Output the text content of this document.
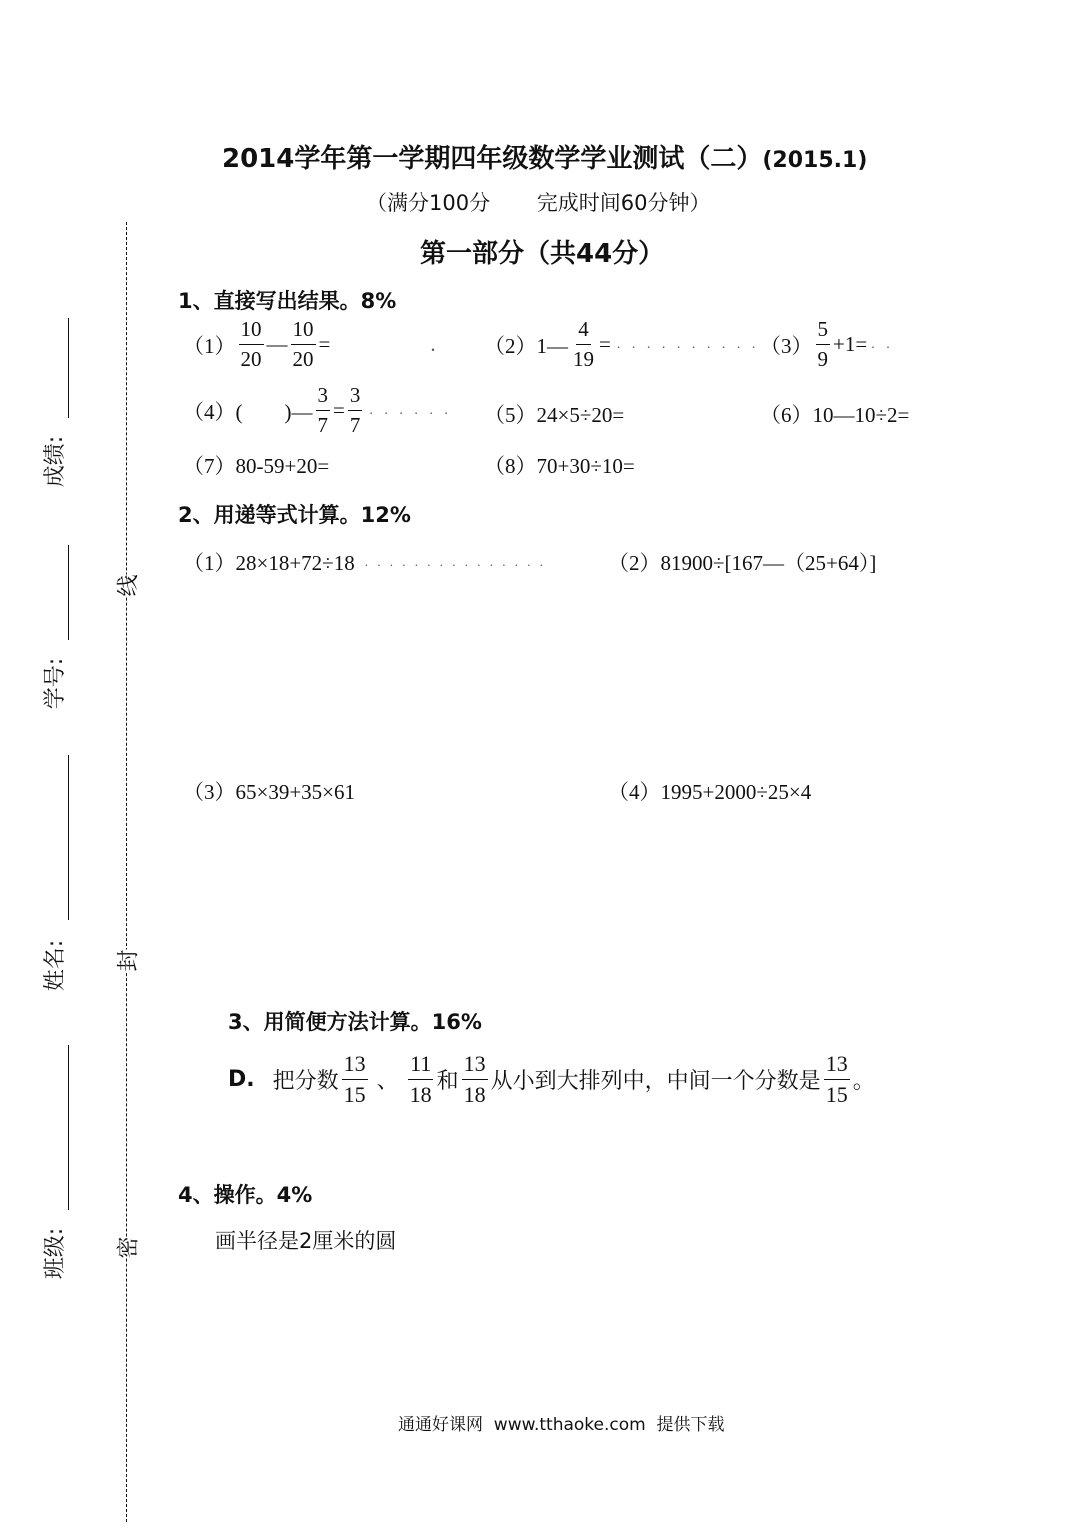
成绩:
学号:
姓名:
班级:
线
封
密
2014学年第一学期四年级数学学业测试（二）(2015.1)
（满分100分       完成时间60分钟）
第一部分（共44分）
1、直接写出结果。8%
$(1) \frac{10}{20}$ — $\frac{10}{20}$ =	. （2）1— $\frac{4}{19}$ = . . . . . . . . . . $(3) \frac{5}{9} +1=$ . .
（4）(　　)— $\frac{3}{7} = \frac{3}{7}$ . . . . . . （5）24×5÷20=	（6）10—10÷2=
（7）80-59+20=	（8）70+30÷10=
2、用递等式计算。12%
（1）28×18+72÷18 . . . . . . . . . . . . . . .	（2）81900÷[167—（25+64）]
（3）65×39+35×61	（4）1995+2000÷25×4
3、用简便方法计算。16%
D. 把分数 $\frac{13}{15}$ 、 $\frac{11}{18}$ 和 $\frac{13}{18}$ 从小到大排列中，中间一个分数是 $\frac{13}{15}$ 。
4、操作。4%
画半径是2厘米的圆
通通好课网  www.tthaoke.com  提供下载
